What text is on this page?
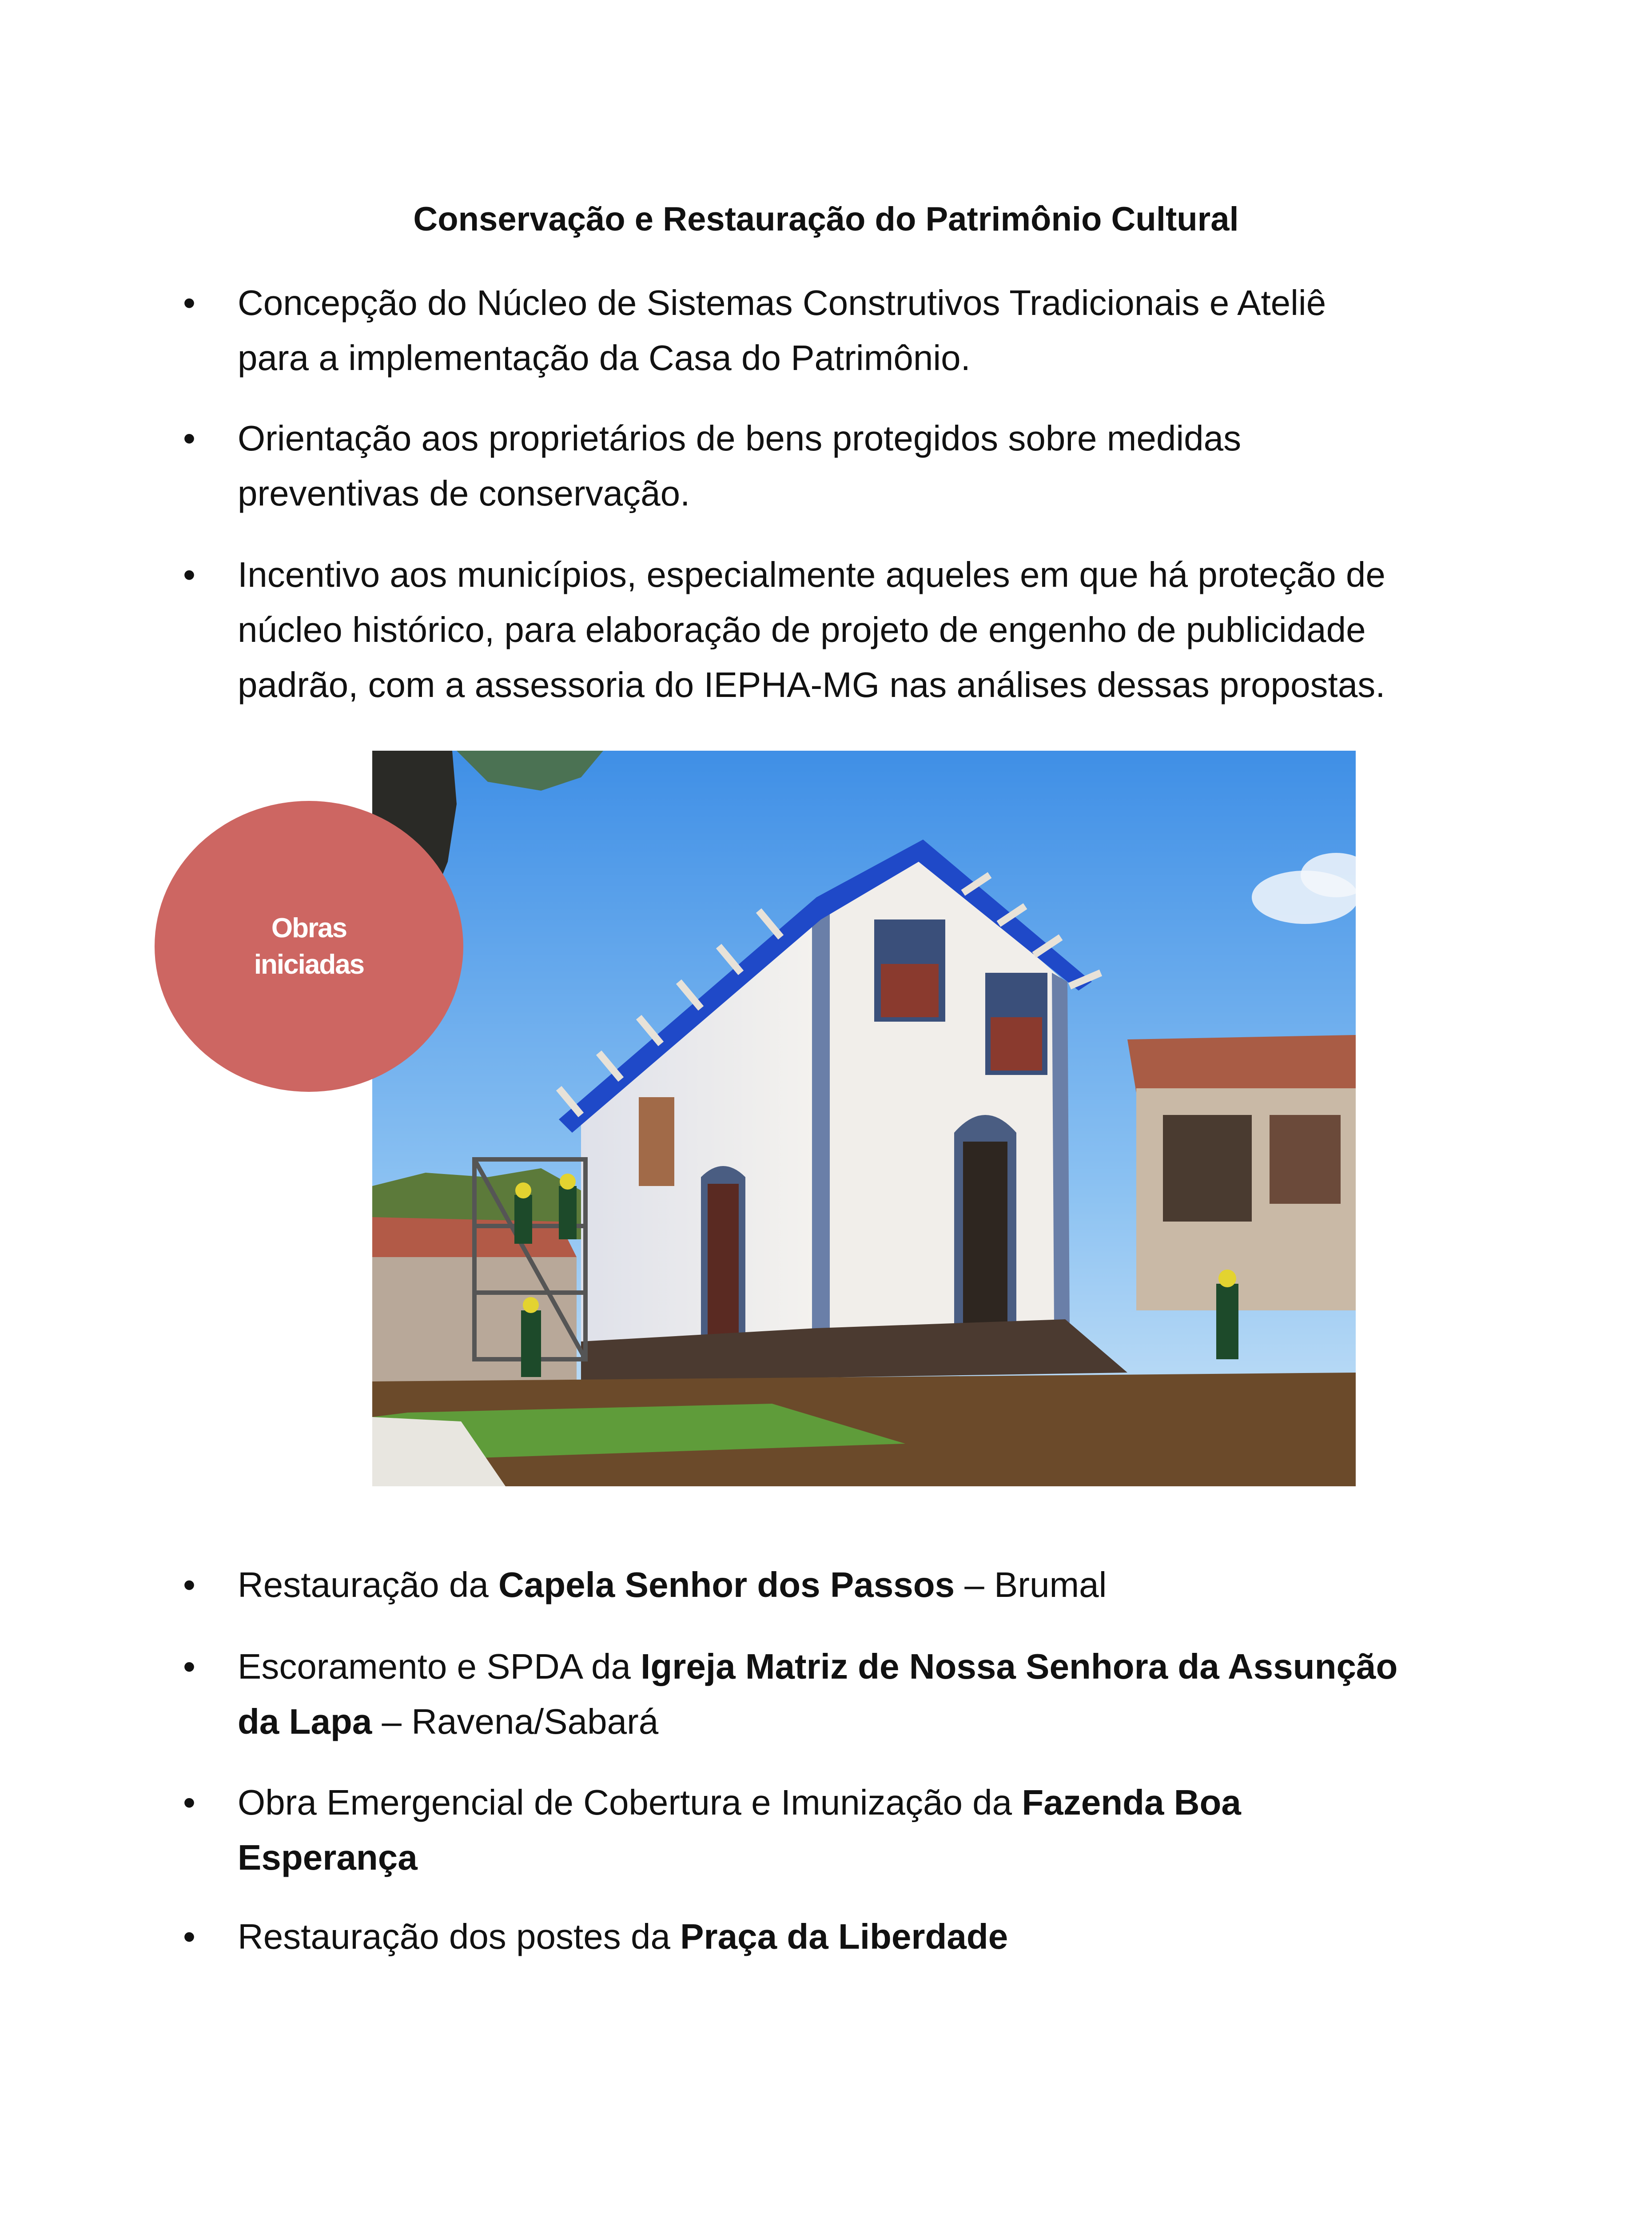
Conservação e Restauração do Patrimônio Cultural
• Concepção do Núcleo de Sistemas Construtivos Tradicionais e Ateliê
para a implementação da Casa do Patrimônio.
• Orientação aos proprietários de bens protegidos sobre medidas
preventivas de conservação.
• Incentivo aos municípios, especialmente aqueles em que há proteção de
núcleo histórico, para elaboração de projeto de engenho de publicidade
padrão, com a assessoria do IEPHA-MG nas análises dessas propostas.
Obras
iniciadas
• Restauração da Capela Senhor dos Passos – Brumal
• Escoramento e SPDA da Igreja Matriz de Nossa Senhora da Assunção
da Lapa – Ravena/Sabará
• Obra Emergencial de Cobertura e Imunização da Fazenda Boa
Esperança
• Restauração dos postes da Praça da Liberdade
